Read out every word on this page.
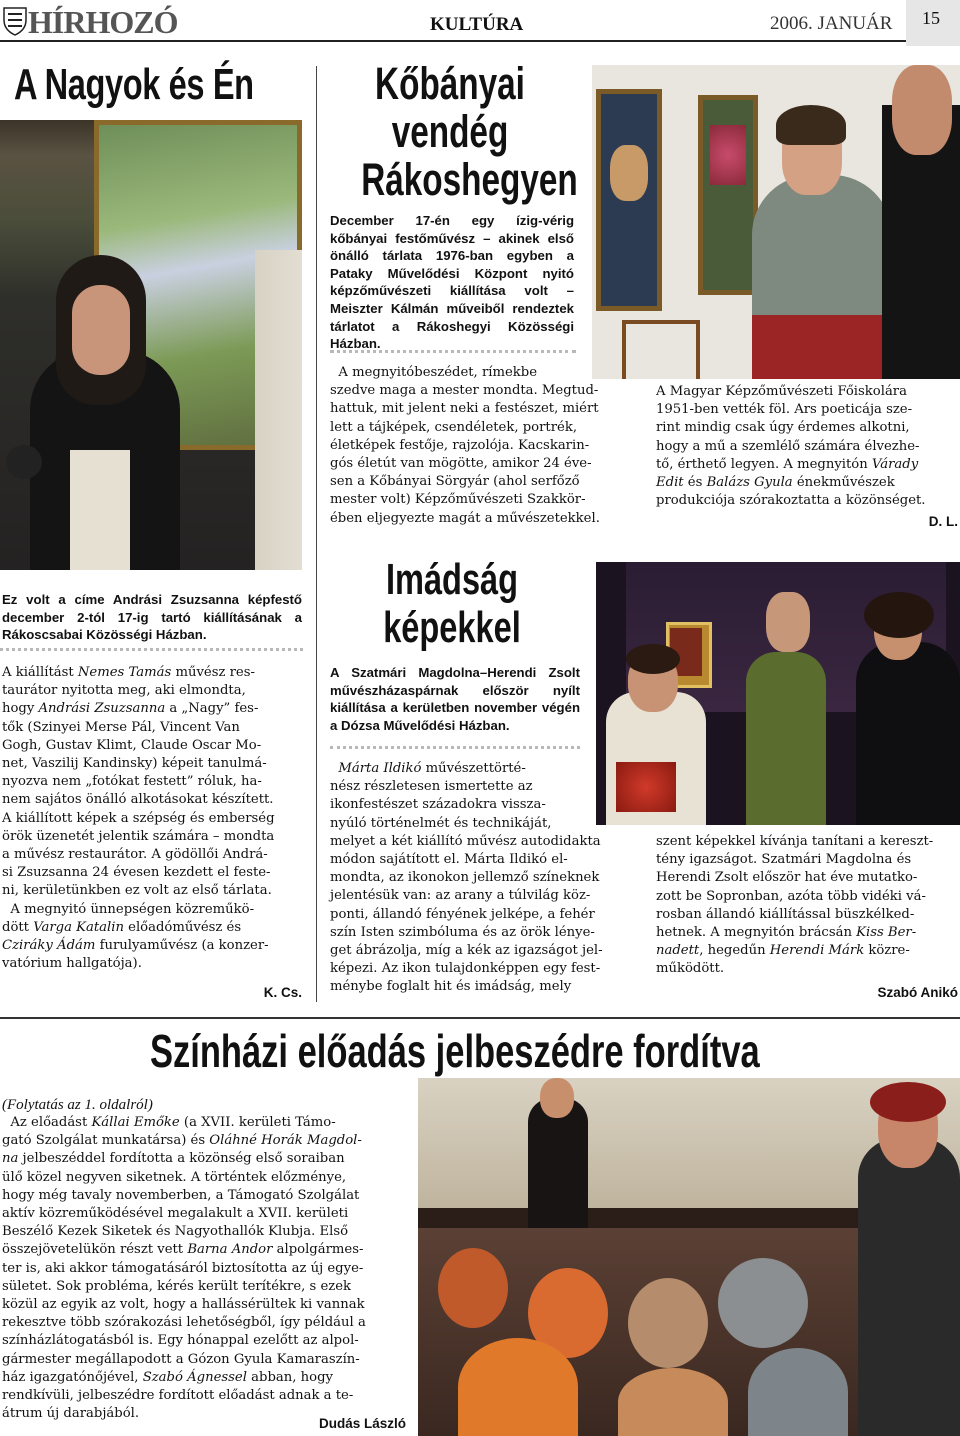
HÍRHOZÓ	KULTÚRA	2006. JANUÁR 15
A Nagyok és Én
Ez volt a címe Andrási Zsuzsanna képfestő december 2-tól 17-ig tartó kiállításának a Rákoscsabai Közösségi Házban.
A kiállítást Nemes Tamás művész res-
taurátor nyitotta meg, aki elmondta,
hogy Andrási Zsuzsanna a „Nagy” fes-
tők (Szinyei Merse Pál, Vincent Van
Gogh, Gustav Klimt, Claude Oscar Mo-
net, Vaszilij Kandinsky) képeit tanulmá-
nyozva nem „fotókat festett” róluk, ha-
nem sajátos önálló alkotásokat készített.
A kiállított képek a szépség és emberség
örök üzenetét jelentik számára – mondta
a művész restaurátor. A gödöllői Andrá-
si Zsuzsanna 24 évesen kezdett el feste-
ni, kerületünkben ez volt az első tárlata.
A megnyitó ünnepségen közreműkö-
dött Varga Katalin előadóművész és
Cziráky Ádám furulyaművész (a konzer-
vatórium hallgatója).
K. Cs.
Kőbányai
vendég
Rákoshegyen
December 17-én egy ízig-vérig kőbányai festőművész – akinek első önálló tárlata 1976-ban egyben a Pataky Művelődési Központ nyitó képzőművészeti kiállítása volt – Meiszter Kálmán műveiből rendeztek tárlatot a Rákoshegyi Közösségi Házban.
A megnyitóbeszédet, rímekbe
szedve maga a mester mondta. Megtud-
hattuk, mit jelent neki a festészet, miért
lett a tájképek, csendéletek, portrék,
életképek festője, rajzolója. Kacskarin-
gós életút van mögötte, amikor 24 éve-
sen a Kőbányai Sörgyár (ahol serfőző
mester volt) Képzőművészeti Szakkör-
ében eljegyezte magát a művészetekkel.
A Magyar Képzőművészeti Főiskolára
1951-ben vették föl. Ars poeticája sze-
rint mindig csak úgy érdemes alkotni,
hogy a mű a szemlélő számára élvezhe-
tő, érthető legyen. A megnyitón Várady
Edit és Balázs Gyula énekművészek
produkciója szórakoztatta a közönséget.
D. L.
Imádság
képekkel
A Szatmári Magdolna–Herendi Zsolt művészházaspárnak először nyílt kiállítása a kerületben november végén a Dózsa Művelődési Házban.
Márta Ildikó művészettörté-
nész részletesen ismertette az
ikonfestészet századokra vissza-
nyúló történelmét és technikáját,
melyet a két kiállító művész autodidakta
módon sajátított el. Márta Ildikó el-
mondta, az ikonokon jellemző színeknek
jelentésük van: az arany a túlvilág köz-
ponti, állandó fényének jelképe, a fehér
szín Isten szimbóluma és az örök lénye-
get ábrázolja, míg a kék az igazságot jel-
képezi. Az ikon tulajdonképpen egy fest-
ménybe foglalt hit és imádság, mely
szent képekkel kívánja tanítani a kereszt-
tény igazságot. Szatmári Magdolna és
Herendi Zsolt először hat éve mutatko-
zott be Sopronban, azóta több vidéki vá-
rosban állandó kiállítással büszkélked-
hetnek. A megnyitón brácsán Kiss Ber-
nadett, hegedűn Herendi Márk közre-
működött.
Szabó Anikó
Színházi előadás jelbeszédre fordítva
(Folytatás az 1. oldalról)
Az előadást Kállai Emőke (a XVII. kerületi Támo-
gató Szolgálat munkatársa) és Oláhné Horák Magdol-
na jelbeszéddel fordította a közönség első soraiban
ülő közel negyven siketnek. A történtek előzménye,
hogy még tavaly novemberben, a Támogató Szolgálat
aktív közreműködésével megalakult a XVII. kerületi
Beszélő Kezek Siketek és Nagyothallók Klubja. Első
összejövetelükön részt vett Barna Andor alpolgármes-
ter is, aki akkor támogatásáról biztosította az új egye-
sületet. Sok probléma, kérés került terítékre, s ezek
közül az egyik az volt, hogy a hallássérültek ki vannak
rekesztve több szórakozási lehetőségből, így például a
színházlátogatásból is. Egy hónappal ezelőtt az alpol-
gármester megállapodott a Gózon Gyula Kamaraszín-
ház igazgatónőjével, Szabó Ágnessel abban, hogy
rendkívüli, jelbeszédre fordított előadást adnak a te-
átrum új darabjából.
Dudás László
